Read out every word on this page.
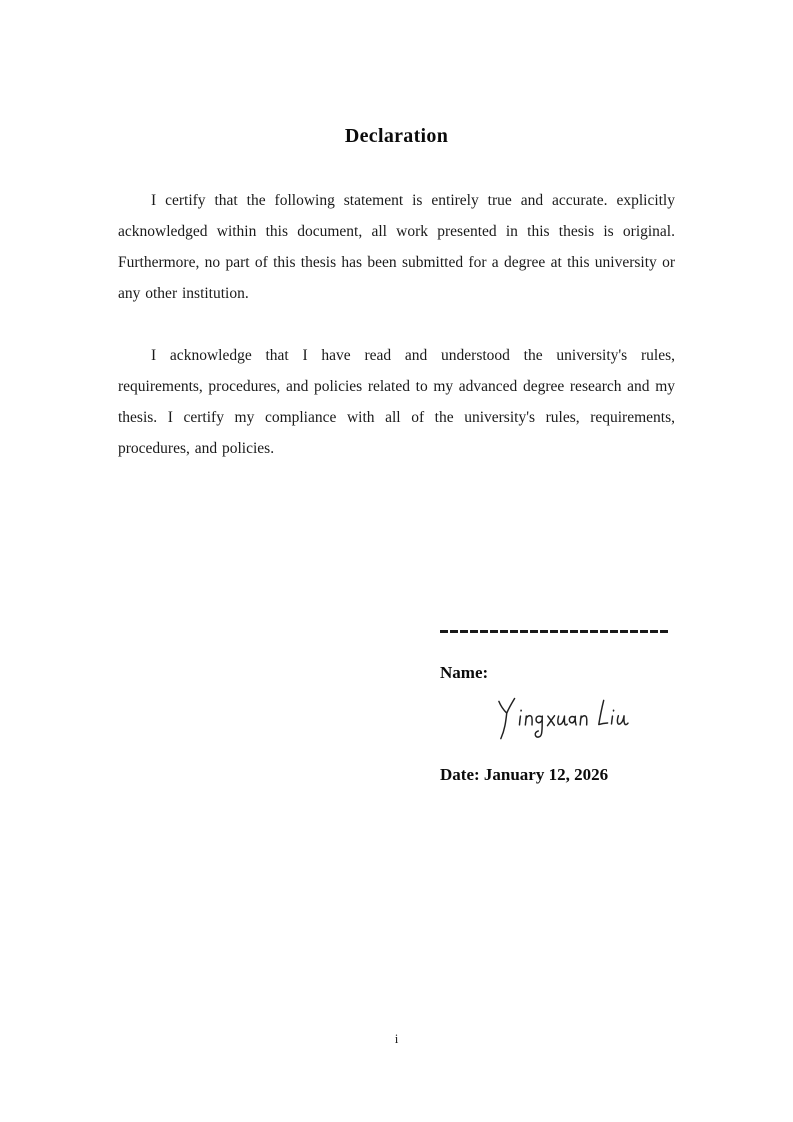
Declaration

I certify that the following statement is entirely true and accurate. explicitly acknowledged within this document, all work presented in this thesis is original. Furthermore, no part of this thesis has been submitted for a degree at this university or any other institution.

I acknowledge that I have read and understood the university's rules, requirements, procedures, and policies related to my advanced degree research and my thesis. I certify my compliance with all of the university's rules, requirements, procedures, and policies.

Name:
Date: January 12, 2026
i
